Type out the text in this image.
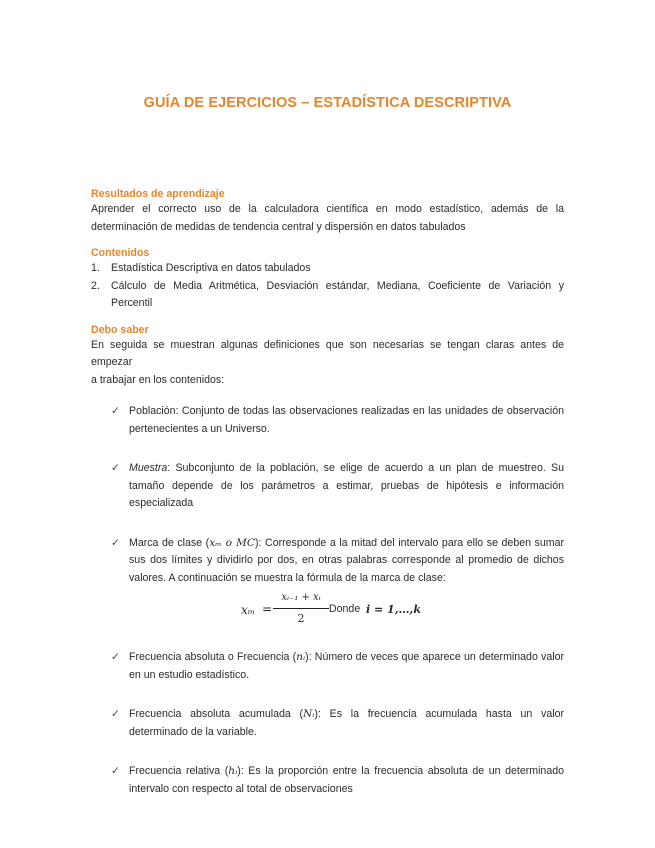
GUÍA DE EJERCICIOS – ESTADÍSTICA DESCRIPTIVA
Resultados de aprendizaje
Aprender el correcto uso de la calculadora científica en modo estadístico, además de la
determinación de medidas de tendencia central y dispersión en datos tabulados
Contenidos
1. Estadística Descriptiva en datos tabulados
2. Cálculo de Media Aritmética, Desviación estándar, Mediana, Coeficiente de Variación y
Percentil
Debo saber
En seguida se muestran algunas definiciones que son necesarias se tengan claras antes de empezar
a trabajar en los contenidos:
✓ Población: Conjunto de todas las observaciones realizadas en las unidades de observación
pertenecientes a un Universo.
✓ Muestra: Subconjunto de la población, se elige de acuerdo a un plan de muestreo. Su
tamaño depende de los parámetros a estimar, pruebas de hipótesis e información
especializada
✓ Marca de clase (xₘ o MC): Corresponde a la mitad del intervalo para ello se deben sumar
sus dos límites y dividirlo por dos, en otras palabras corresponde al promedio de dichos
valores. A continuación se muestra la fórmula de la marca de clase:
$x_m = \frac{\text{xᵢ₋₁ + xᵢ}}{2}$ Donde i = 1,…,k
✓ Frecuencia absoluta o Frecuencia (nᵢ): Número de veces que aparece un determinado valor
en un estudio estadístico.
✓ Frecuencia absoluta acumulada (Nᵢ): Es la frecuencia acumulada hasta un valor
determinado de la variable.
✓ Frecuencia relativa (hᵢ): Es la proporción entre la frecuencia absoluta de un determinado
intervalo con respecto al total de observaciones
